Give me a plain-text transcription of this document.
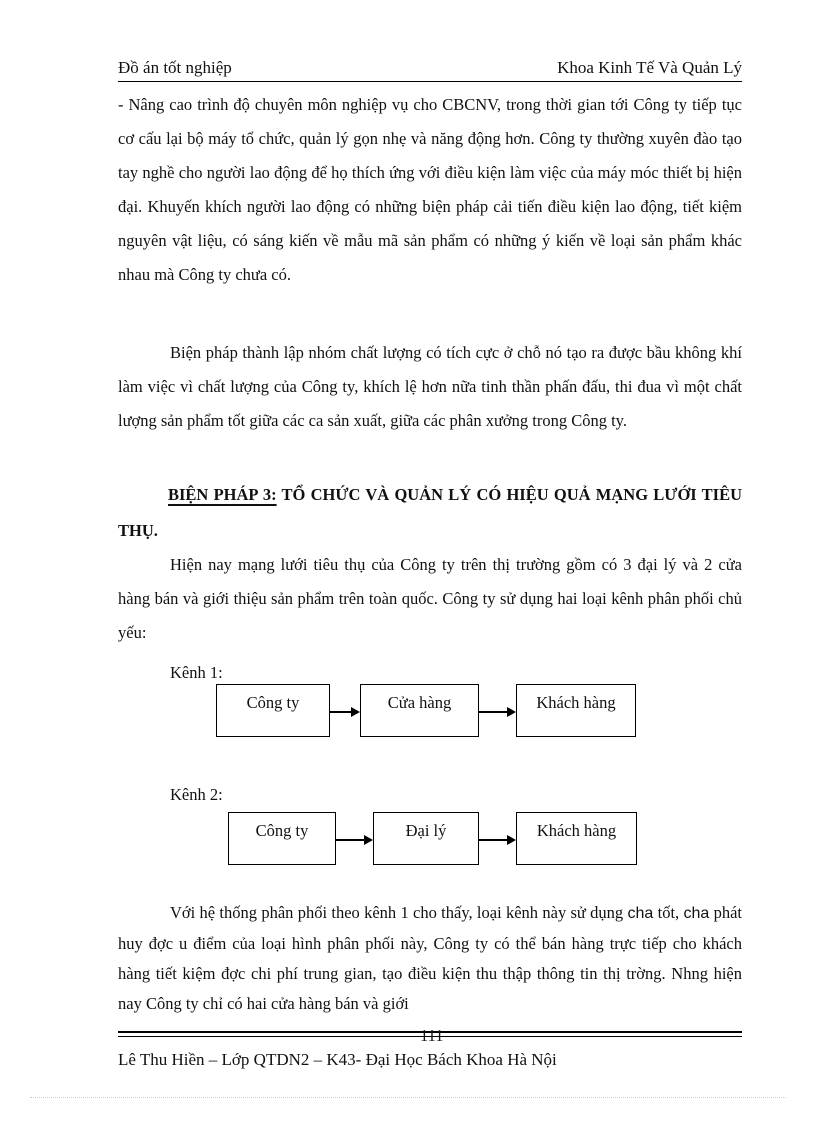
Đồ án tốt nghiệp	Khoa Kinh Tế Và Quản Lý
- Nâng cao trình độ chuyên môn nghiệp vụ cho CBCNV, trong thời gian tới Công ty tiếp tục cơ cấu lại bộ máy tổ chức, quản lý gọn nhẹ và năng động hơn. Công ty thường xuyên đào tạo tay nghề cho người lao động để họ thích ứng với điều kiện làm việc của máy móc thiết bị hiện đại. Khuyến khích người lao động có những biện pháp cải tiến điều kiện lao động, tiết kiệm nguyên vật liệu, có sáng kiến về mẫu mã sản phẩm có những ý kiến về loại sản phẩm khác nhau mà Công ty chưa có.
Biện pháp thành lập nhóm chất lượng có tích cực ở chỗ nó tạo ra được bầu không khí làm việc vì chất lượng của Công ty, khích lệ hơn nữa tinh thần phấn đấu, thi đua vì một chất lượng sản phẩm tốt giữa các ca sản xuất, giữa các phân xưởng trong Công ty.
BIỆN PHÁP 3: TỔ CHỨC VÀ QUẢN LÝ CÓ HIỆU QUẢ MẠNG LƯỚI TIÊU THỤ.
Hiện nay mạng lưới tiêu thụ của Công ty trên thị trường gồm có 3 đại lý và 2 cửa hàng bán và giới thiệu sản phẩm trên toàn quốc. Công ty sử dụng hai loại kênh phân phối chủ yếu:
Kênh 1:
Công ty	Cửa hàng	Khách hàng
Kênh 2:
Công ty	Đại lý	Khách hàng
Với hệ thống phân phối theo kênh 1 cho thấy, loại kênh này sử dụng cha tốt, cha phát huy đợc u điểm của loại hình phân phối này, Công ty có thể bán hàng trực tiếp cho khách hàng tiết kiệm đợc chi phí trung gian, tạo điều kiện thu thập thông tin thị trờng. Nhng hiện nay Công ty chỉ có hai cửa hàng bán và giới
111
Lê Thu Hiền – Lớp QTDN2 – K43- Đại Học Bách Khoa Hà Nội
